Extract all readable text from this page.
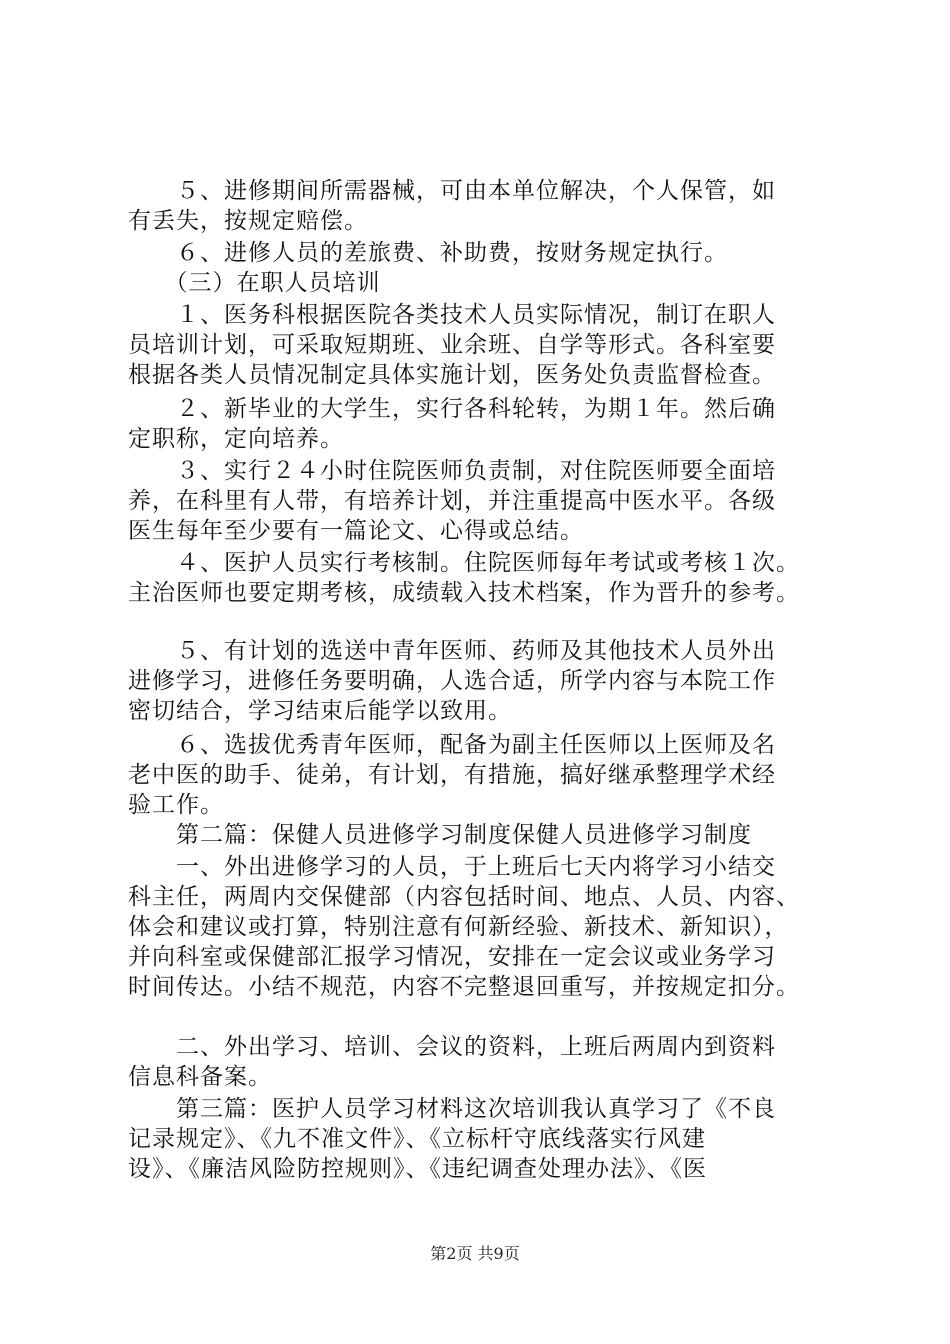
　　５、进修期间所需器械，可由本单位解决，个人保管，如
有丢失，按规定赔偿。
　　６、进修人员的差旅费、补助费，按财务规定执行。
　　（三）在职人员培训
　　１、医务科根据医院各类技术人员实际情况，制订在职人
员培训计划，可采取短期班、业余班、自学等形式。各科室要
根据各类人员情况制定具体实施计划，医务处负责监督检查。
　　２、新毕业的大学生，实行各科轮转，为期１年。然后确
定职称，定向培养。
　　３、实行２４小时住院医师负责制，对住院医师要全面培
养，在科里有人带，有培养计划，并注重提高中医水平。各级
医生每年至少要有一篇论文、心得或总结。
　　４、医护人员实行考核制。住院医师每年考试或考核１次。
主治医师也要定期考核，成绩载入技术档案，作为晋升的参考。
　　５、有计划的选送中青年医师、药师及其他技术人员外出
进修学习，进修任务要明确，人选合适，所学内容与本院工作
密切结合，学习结束后能学以致用。
　　６、选拔优秀青年医师，配备为副主任医师以上医师及名
老中医的助手、徒弟，有计划，有措施，搞好继承整理学术经
验工作。
　　第二篇：保健人员进修学习制度保健人员进修学习制度
　　一、外出进修学习的人员，于上班后七天内将学习小结交
科主任，两周内交保健部（内容包括时间、地点、人员、内容、
体会和建议或打算，特别注意有何新经验、新技术、新知识），
并向科室或保健部汇报学习情况，安排在一定会议或业务学习
时间传达。小结不规范，内容不完整退回重写，并按规定扣分。
　　二、外出学习、培训、会议的资料，上班后两周内到资料
信息科备案。
　　第三篇：医护人员学习材料这次培训我认真学习了《不良
记录规定》、《九不准文件》、《立标杆守底线落实行风建
设》、《廉洁风险防控规则》、《违纪调查处理办法》、《医
第2页 共9页
